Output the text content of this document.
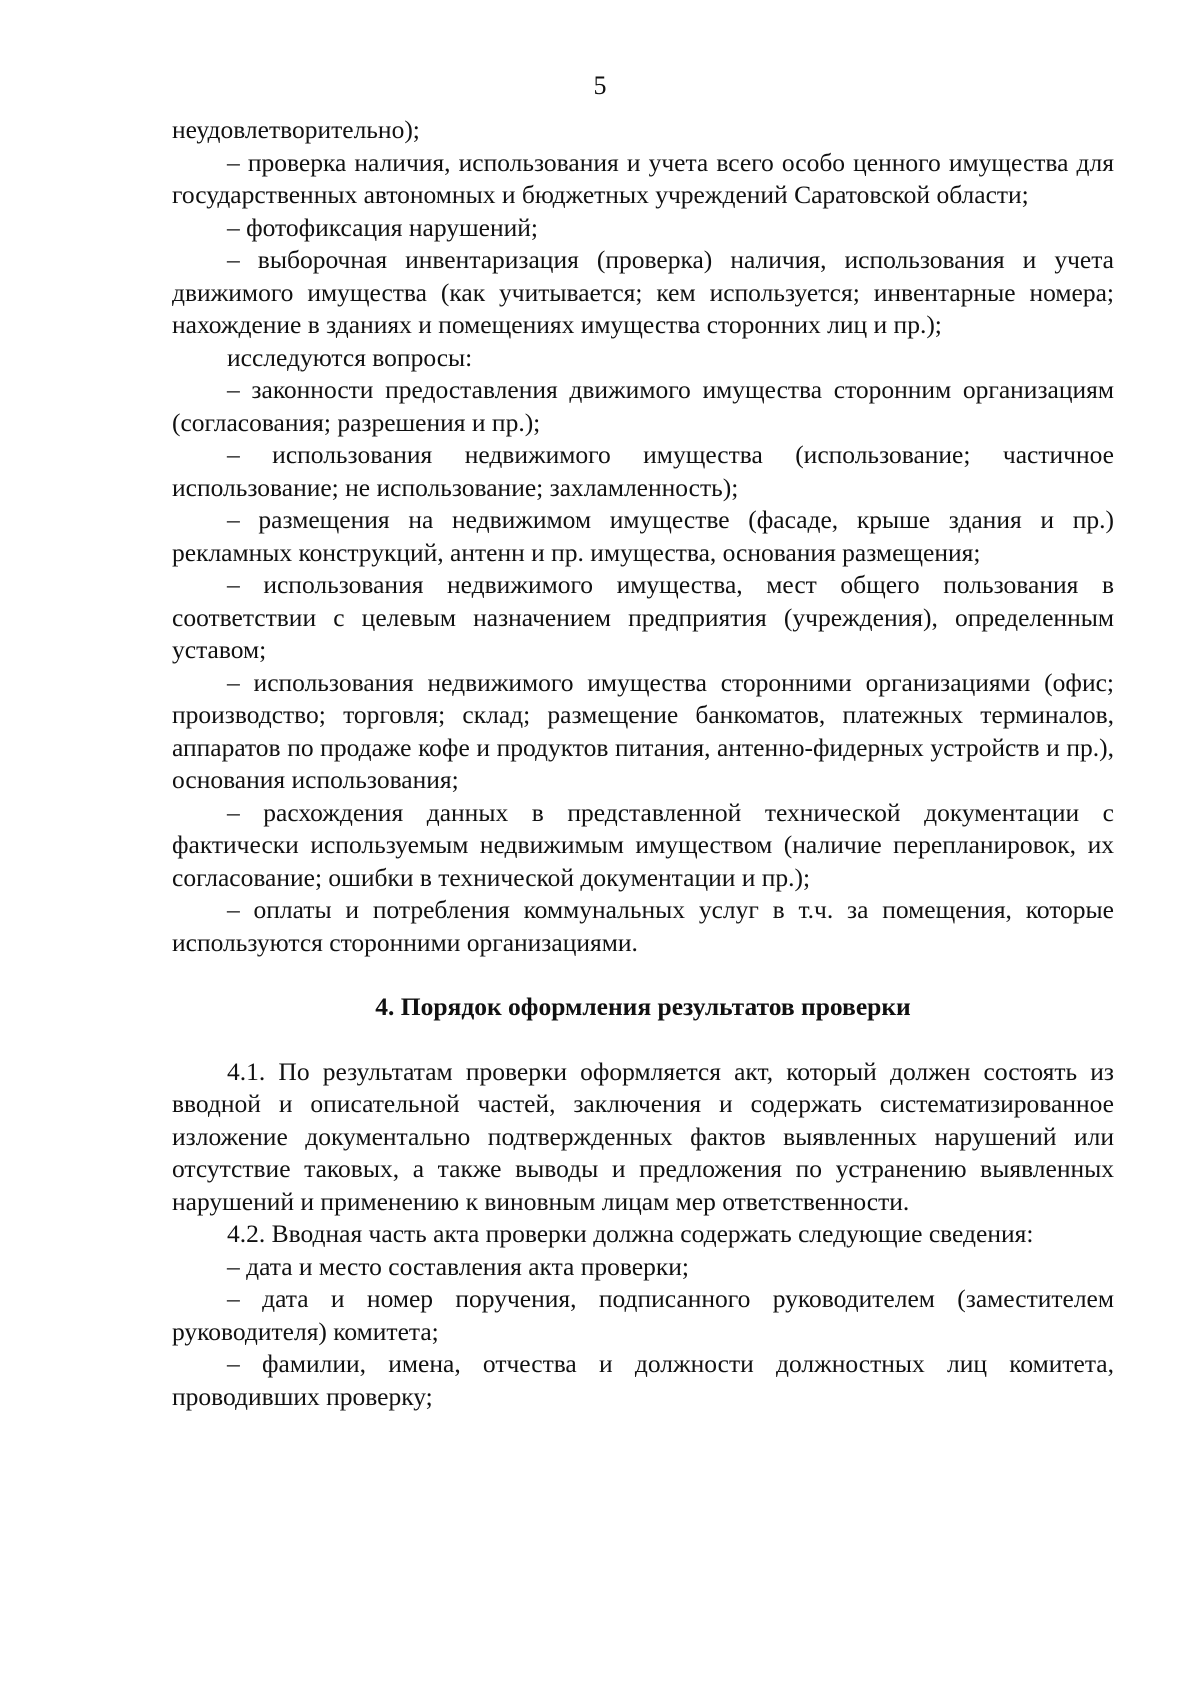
5

неудовлетворительно);

– проверка наличия, использования и учета всего особо ценного имущества для государственных автономных и бюджетных учреждений Саратовской области;

– фотофиксация нарушений;

– выборочная инвентаризация (проверка) наличия, использования и учета движимого имущества (как учитывается; кем используется; инвентарные номера; нахождение в зданиях и помещениях имущества сторонних лиц и пр.);

исследуются вопросы:

– законности предоставления движимого имущества сторонним организациям (согласования; разрешения и пр.);

– использования недвижимого имущества (использование; частичное использование; не использование; захламленность);

– размещения на недвижимом имуществе (фасаде, крыше здания и пр.) рекламных конструкций, антенн и пр. имущества, основания размещения;

– использования недвижимого имущества, мест общего пользования в соответствии с целевым назначением предприятия (учреждения), определенным уставом;

– использования недвижимого имущества сторонними организациями (офис; производство; торговля; склад; размещение банкоматов, платежных терминалов, аппаратов по продаже кофе и продуктов питания, антенно-фидерных устройств и пр.), основания использования;

– расхождения данных в представленной технической документации с фактически используемым недвижимым имуществом (наличие перепланировок, их согласование; ошибки в технической документации и пр.);

– оплаты и потребления коммунальных услуг в т.ч. за помещения, которые используются сторонними организациями.

4. Порядок оформления результатов проверки

4.1. По результатам проверки оформляется акт, который должен состоять из вводной и описательной частей, заключения и содержать систематизированное изложение документально подтвержденных фактов выявленных нарушений или отсутствие таковых, а также выводы и предложения по устранению выявленных нарушений и применению к виновным лицам мер ответственности.

4.2. Вводная часть акта проверки должна содержать следующие сведения:

– дата и место составления акта проверки;

– дата и номер поручения, подписанного руководителем (заместителем руководителя) комитета;

– фамилии, имена, отчества и должности должностных лиц комитета, проводивших проверку;
